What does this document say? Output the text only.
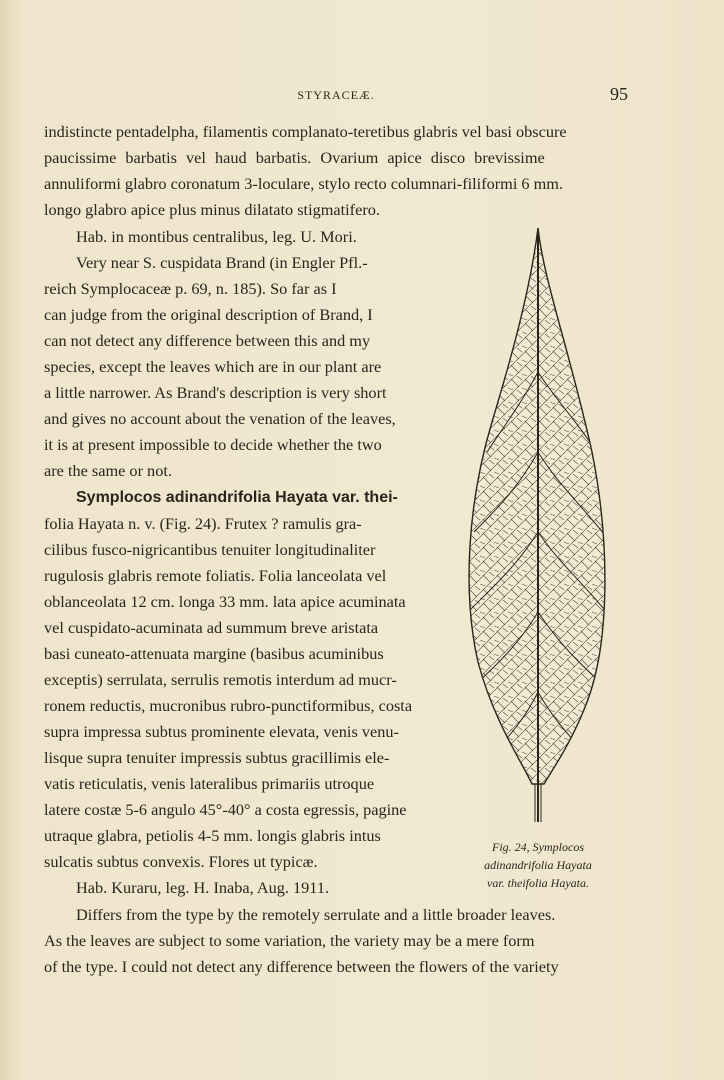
STYRACEÆ.	95
indistincte pentadelpha, filamentis complanato-teretibus glabris vel basi obscure
paucissime barbatis vel haud barbatis. Ovarium apice disco brevissime
annuliformi glabro coronatum 3-loculare, stylo recto columnari-filiformi 6 mm.
longo glabro apice plus minus dilatato stigmatifero.
Hab. in montibus centralibus, leg. U. Mori.
Very near S. cuspidata Brand (in Engler Pfl.-
reich Symplocaceæ p. 69, n. 185). So far as I
can judge from the original description of Brand, I
can not detect any difference between this and my
species, except the leaves which are in our plant are
a little narrower. As Brand's description is very short
and gives no account about the venation of the leaves,
it is at present impossible to decide whether the two
are the same or not.
Symplocos adinandrifolia Hayata var. thei-
folia Hayata n. v. (Fig. 24). Frutex ? ramulis gra-
cilibus fusco-nigricantibus tenuiter longitudinaliter
rugulosis glabris remote foliatis. Folia lanceolata vel
oblanceolata 12 cm. longa 33 mm. lata apice acuminata
vel cuspidato-acuminata ad summum breve aristata
basi cuneato-attenuata margine (basibus acuminibus
exceptis) serrulata, serrulis remotis interdum ad mucr-
ronem reductis, mucronibus rubro-punctiformibus, costa
supra impressa subtus prominente elevata, venis venu-
lisque supra tenuiter impressis subtus gracillimis ele-
vatis reticulatis, venis lateralibus primariis utroque
latere costæ 5-6 angulo 45°-40° a costa egressis, pagine
utraque glabra, petiolis 4-5 mm. longis glabris intus
sulcatis subtus convexis. Flores ut typicæ.
Hab. Kuraru, leg. H. Inaba, Aug. 1911.
Differs from the type by the remotely serrulate and a little broader leaves.
As the leaves are subject to some variation, the variety may be a mere form
of the type. I could not detect any difference between the flowers of the variety
Fig. 24, Symplocos
adinandrifolia Hayata
var. theifolia Hayata.
